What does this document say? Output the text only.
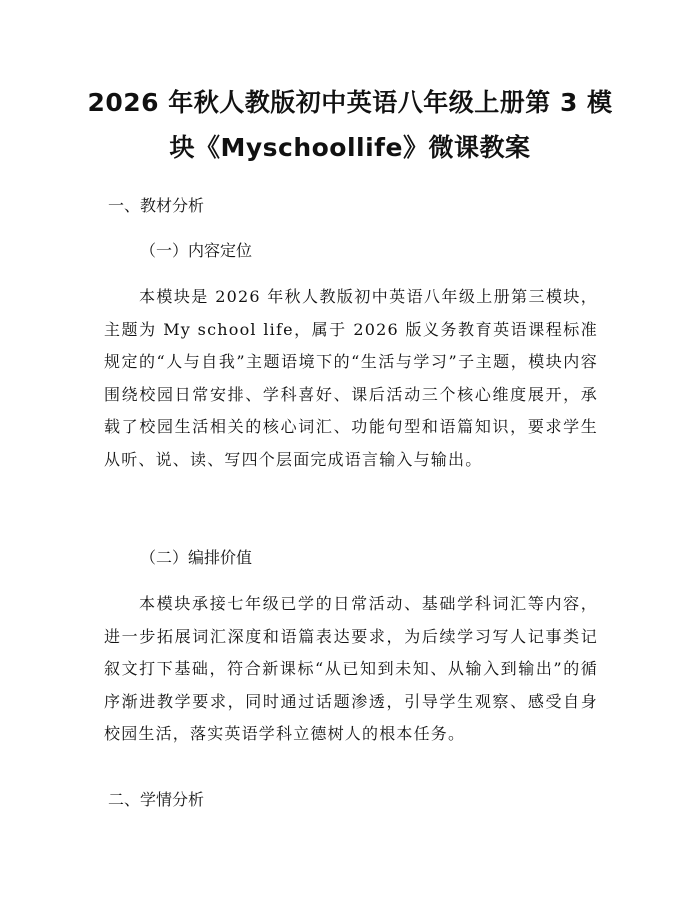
2026 年秋人教版初中英语八年级上册第 3 模
块《Myschoollife》微课教案
一、教材分析
（一）内容定位
本模块是 2026 年秋人教版初中英语八年级上册第三模块，主题为 My school life，属于 2026 版义务教育英语课程标准规定的“人与自我”主题语境下的“生活与学习”子主题，模块内容围绕校园日常安排、学科喜好、课后活动三个核心维度展开，承载了校园生活相关的核心词汇、功能句型和语篇知识，要求学生从听、说、读、写四个层面完成语言输入与输出。
（二）编排价值
本模块承接七年级已学的日常活动、基础学科词汇等内容，进一步拓展词汇深度和语篇表达要求，为后续学习写人记事类记叙文打下基础，符合新课标“从已知到未知、从输入到输出”的循序渐进教学要求，同时通过话题渗透，引导学生观察、感受自身校园生活，落实英语学科立德树人的根本任务。
二、学情分析
